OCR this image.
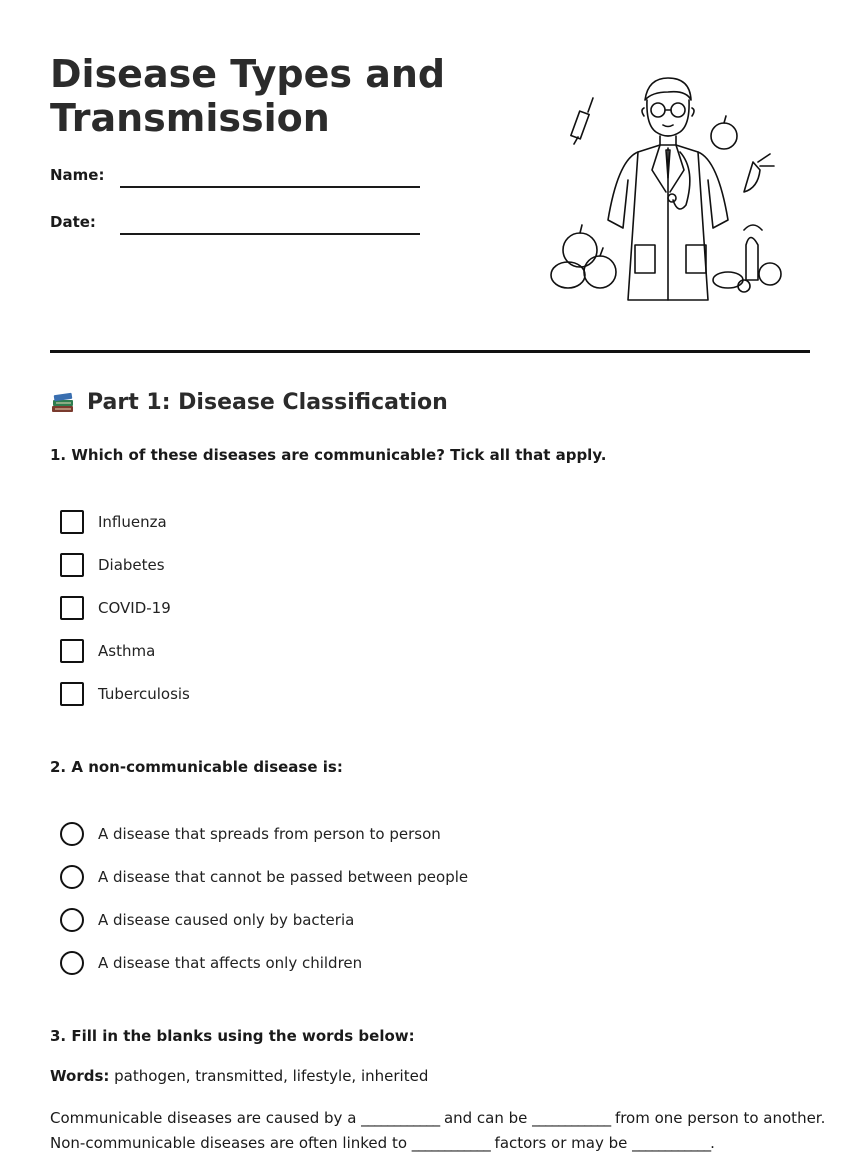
Disease Types and
Transmission
Name:
Date:
Part 1: Disease Classification

1. Which of these diseases are communicable? Tick all that apply.

Influenza
Diabetes
COVID-19
Asthma
Tuberculosis

2. A non-communicable disease is:

A disease that spreads from person to person
A disease that cannot be passed between people
A disease caused only by bacteria
A disease that affects only children

3. Fill in the blanks using the words below:

Words: pathogen, transmitted, lifestyle, inherited
Communicable diseases are caused by a ____________ and can be ____________ from one person to another.
Non-communicable diseases are often linked to ____________ factors or may be ____________.
